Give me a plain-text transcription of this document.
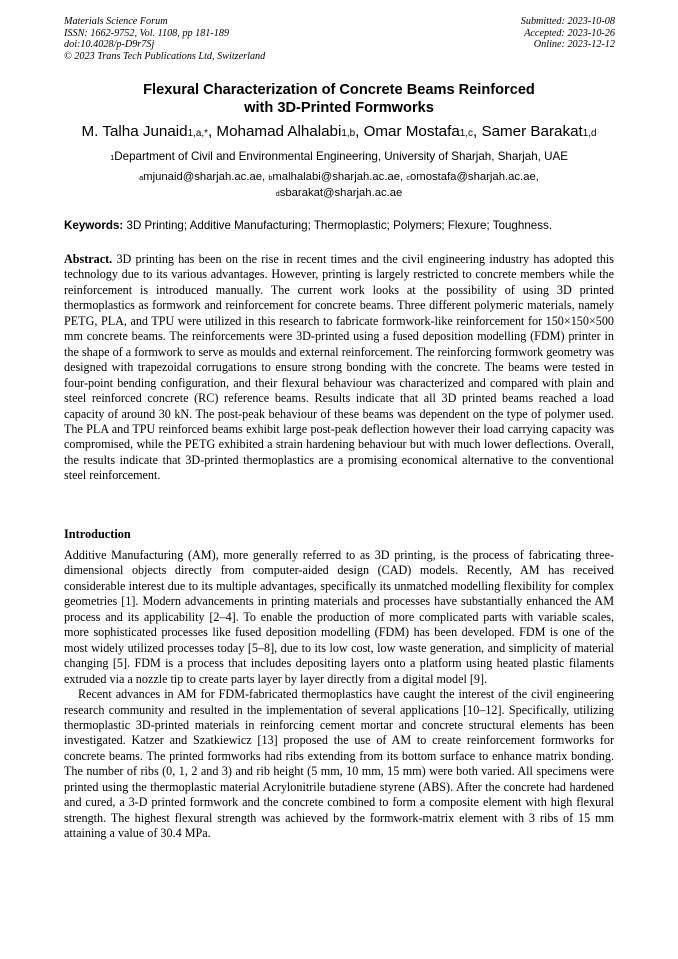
Materials Science Forum
ISSN: 1662-9752, Vol. 1108, pp 181-189
doi:10.4028/p-D9r7Sj
© 2023 Trans Tech Publications Ltd, Switzerland
Submitted: 2023-10-08
Accepted: 2023-10-26
Online: 2023-12-12
Flexural Characterization of Concrete Beams Reinforced
with 3D-Printed Formworks
M. Talha Junaid$^{1,a,*}$, Mohamad Alhalabi$^{1,b}$, Omar Mostafa$^{1,c}$, Samer Barakat$^{1,d}$
$^1$Department of Civil and Environmental Engineering, University of Sharjah, Sharjah, UAE
$^a$mjunaid@sharjah.ac.ae, $^b$malhalabi@sharjah.ac.ae, $^c$omostafa@sharjah.ac.ae,
$^d$sbarakat@sharjah.ac.ae
Keywords: 3D Printing; Additive Manufacturing; Thermoplastic; Polymers; Flexure; Toughness.
Abstract. 3D printing has been on the rise in recent times and the civil engineering industry has adopted this technology due to its various advantages. However, printing is largely restricted to concrete members while the reinforcement is introduced manually. The current work looks at the possibility of using 3D printed thermoplastics as formwork and reinforcement for concrete beams. Three different polymeric materials, namely PETG, PLA, and TPU were utilized in this research to fabricate formwork-like reinforcement for 150×150×500 mm concrete beams. The reinforcements were 3D-printed using a fused deposition modelling (FDM) printer in the shape of a formwork to serve as moulds and external reinforcement. The reinforcing formwork geometry was designed with trapezoidal corrugations to ensure strong bonding with the concrete. The beams were tested in four-point bending configuration, and their flexural behaviour was characterized and compared with plain and steel reinforced concrete (RC) reference beams. Results indicate that all 3D printed beams reached a load capacity of around 30 kN. The post-peak behaviour of these beams was dependent on the type of polymer used. The PLA and TPU reinforced beams exhibit large post-peak deflection however their load carrying capacity was compromised, while the PETG exhibited a strain hardening behaviour but with much lower deflections. Overall, the results indicate that 3D-printed thermoplastics are a promising economical alternative to the conventional steel reinforcement.
Introduction

Additive Manufacturing (AM), more generally referred to as 3D printing, is the process of fabricating three-dimensional objects directly from computer-aided design (CAD) models. Recently, AM has received considerable interest due to its multiple advantages, specifically its unmatched modelling flexibility for complex geometries [1]. Modern advancements in printing materials and processes have substantially enhanced the AM process and its applicability [2–4]. To enable the production of more complicated parts with variable scales, more sophisticated processes like fused deposition modelling (FDM) has been developed. FDM is one of the most widely utilized processes today [5–8], due to its low cost, low waste generation, and simplicity of material changing [5]. FDM is a process that includes depositing layers onto a platform using heated plastic filaments extruded via a nozzle tip to create parts layer by layer directly from a digital model [9].

Recent advances in AM for FDM-fabricated thermoplastics have caught the interest of the civil engineering research community and resulted in the implementation of several applications [10–12]. Specifically, utilizing thermoplastic 3D-printed materials in reinforcing cement mortar and concrete structural elements has been investigated. Katzer and Szatkiewicz [13] proposed the use of AM to create reinforcement formworks for concrete beams. The printed formworks had ribs extending from its bottom surface to enhance matrix bonding. The number of ribs (0, 1, 2 and 3) and rib height (5 mm, 10 mm, 15 mm) were both varied. All specimens were printed using the thermoplastic material Acrylonitrile butadiene styrene (ABS). After the concrete had hardened and cured, a 3-D printed formwork and the concrete combined to form a composite element with high flexural strength. The highest flexural strength was achieved by the formwork-matrix element with 3 ribs of 15 mm attaining a value of 30.4 MPa.
